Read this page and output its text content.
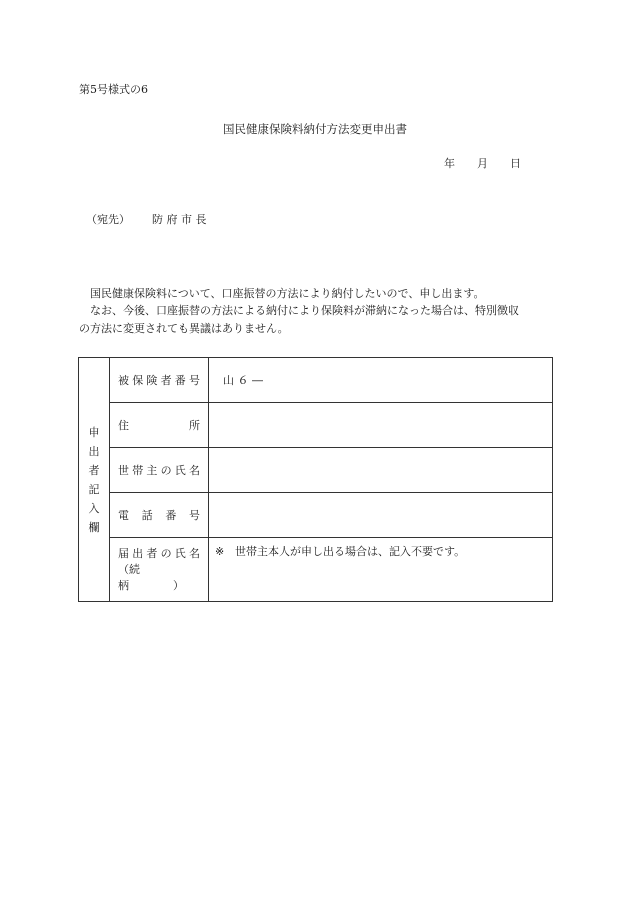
第5号様式の6
国民健康保険料納付方法変更申出書
年 月 日
（宛先） 防府市長
国民健康保険料について、口座振替の方法により納付したいので、申し出ます。
なお、今後、口座振替の方法による納付により保険料が滞納になった場合は、特別徴収
の方法に変更されても異議はありません。
申出者記入欄	被保険者番号	山 ６ ―

	住所	

	世帯主の氏名	

	電話番号	

	届出者の氏名
（続柄　　　　）	※ 世帯主本人が申し出る場合は、記入不要です。
